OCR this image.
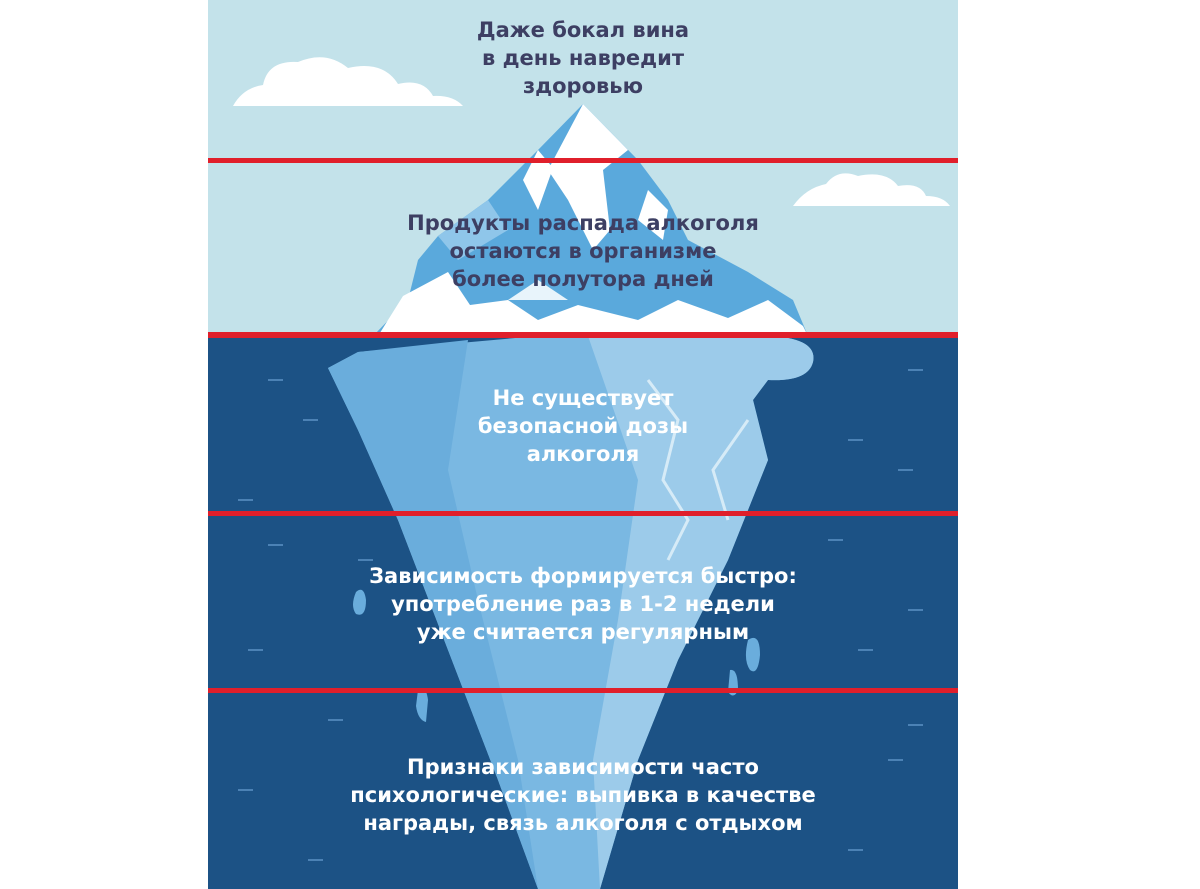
Даже бокал вина
в день навредит
здоровью
Продукты распада алкоголя
остаются в организме
более полутора дней
Не существует
безопасной дозы
алкоголя
Зависимость формируется быстро:
употребление раз в 1-2 недели
уже считается регулярным
Признаки зависимости часто
психологические: выпивка в качестве
награды, связь алкоголя с отдыхом
